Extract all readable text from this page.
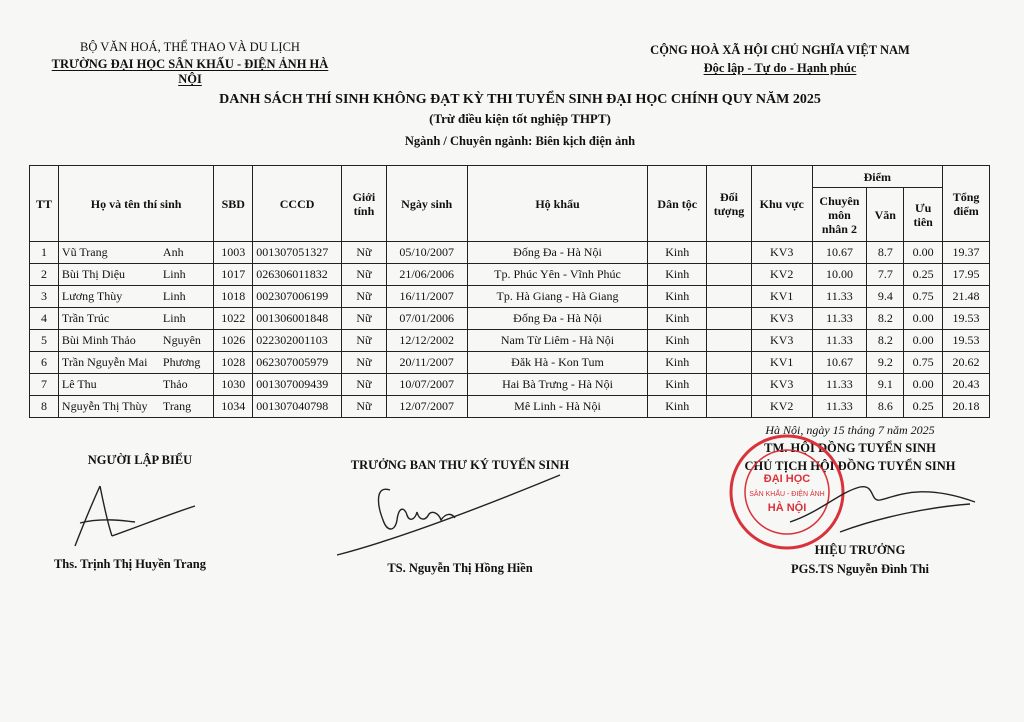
BỘ VĂN HOÁ, THỂ THAO VÀ DU LỊCH
TRƯỜNG ĐẠI HỌC SÂN KHẤU - ĐIỆN ẢNH HÀ NỘI
CỘNG HOÀ XÃ HỘI CHỦ NGHĨA VIỆT NAM
Độc lập - Tự do - Hạnh phúc
DANH SÁCH THÍ SINH KHÔNG ĐẠT KỲ THI TUYỂN SINH ĐẠI HỌC CHÍNH QUY NĂM 2025
(Trừ điều kiện tốt nghiệp THPT)
Ngành / Chuyên ngành: Biên kịch điện ảnh
TT	Họ và tên thí sinh	SBD	CCCD	Giới tính	Ngày sinh	Hộ khẩu	Dân tộc	Đối tượng	Khu vực	Điểm			Tổng điểm
										Chuyên môn nhân 2	Văn	Ưu tiên	
1	Vũ Trang Anh	1003	001307051327	Nữ	05/10/2007	Đống Đa - Hà Nội	Kinh		KV3	10.67	8.7	0.00	19.37
2	Bùi Thị Diệu Linh	1017	026306011832	Nữ	21/06/2006	Tp. Phúc Yên - Vĩnh Phúc	Kinh		KV2	10.00	7.7	0.25	17.95
3	Lương Thùy Linh	1018	002307006199	Nữ	16/11/2007	Tp. Hà Giang - Hà Giang	Kinh		KV1	11.33	9.4	0.75	21.48
4	Trần Trúc Linh	1022	001306001848	Nữ	07/01/2006	Đống Đa - Hà Nội	Kinh		KV3	11.33	8.2	0.00	19.53
5	Bùi Minh Thảo Nguyên	1026	022302001103	Nữ	12/12/2002	Nam Từ Liêm - Hà Nội	Kinh		KV3	11.33	8.2	0.00	19.53
6	Trần Nguyễn Mai Phương	1028	062307005979	Nữ	20/11/2007	Đăk Hà - Kon Tum	Kinh		KV1	10.67	9.2	0.75	20.62
7	Lê Thu Thảo	1030	001307009439	Nữ	10/07/2007	Hai Bà Trưng - Hà Nội	Kinh		KV3	11.33	9.1	0.00	20.43
8	Nguyễn Thị Thùy Trang	1034	001307040798	Nữ	12/07/2007	Mê Linh - Hà Nội	Kinh		KV2	11.33	8.6	0.25	20.18
Hà Nội, ngày 15 tháng 7 năm 2025
TM. HỘI ĐỒNG TUYỂN SINH
CHỦ TỊCH HỘI ĐỒNG TUYỂN SINH
NGƯỜI LẬP BIỂU	TRƯỞNG BAN THƯ KÝ TUYỂN SINH
ĐẠI HỌC
SÂN KHẤU - ĐIỆN ẢNH
HÀ NỘI
Ths. Trịnh Thị Huyền Trang	TS. Nguyễn Thị Hồng Hiền
HIỆU TRƯỞNG
PGS.TS Nguyễn Đình Thi
